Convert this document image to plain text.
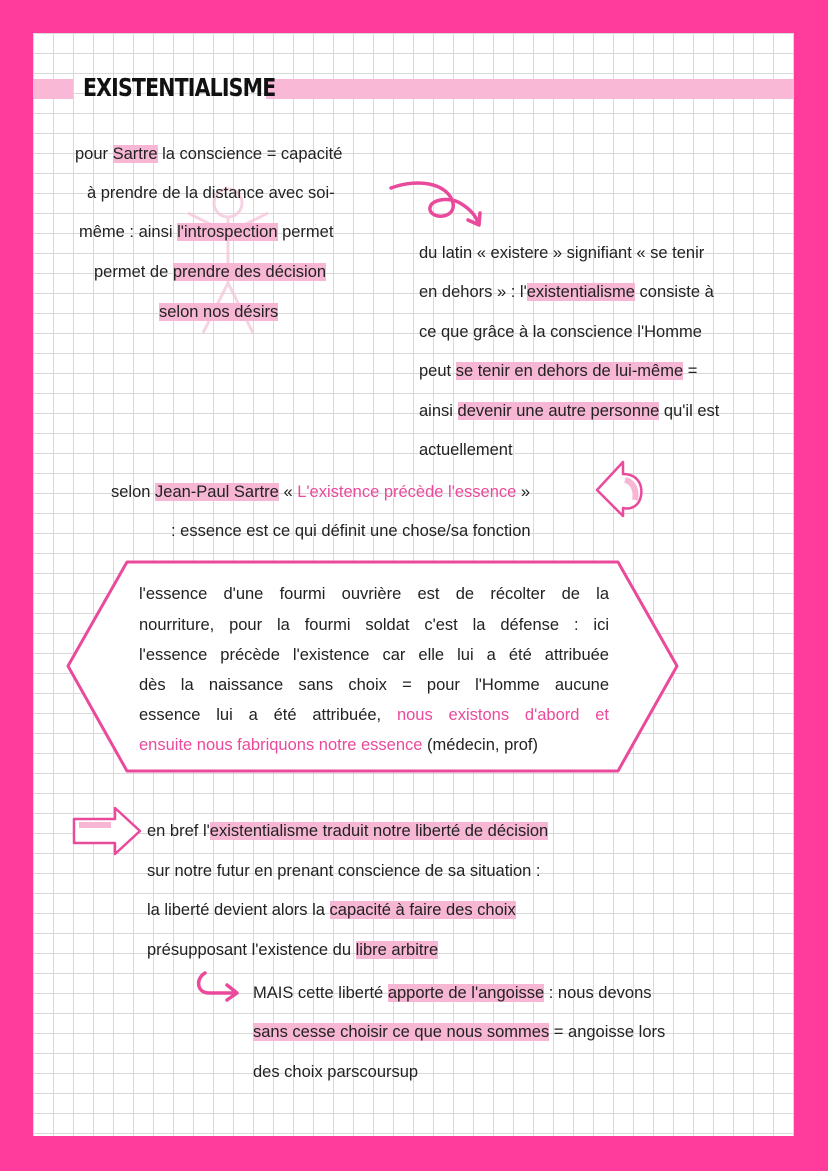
EXISTENTIALISME
pour Sartre la conscience = capacité
à prendre de la distance avec soi-
même : ainsi l'introspection permet
permet de prendre des décision
selon nos désirs
du latin « existere » signifiant « se tenir
en dehors » : l'existentialisme consiste à
ce que grâce à la conscience l'Homme
peut se tenir en dehors de lui-même =
ainsi devenir une autre personne qu'il est
actuellement
selon Jean-Paul Sartre « L'existence précède l'essence »
: essence est ce qui définit une chose/sa fonction
l'essence d'une fourmi ouvrière est de récolter de la
nourriture, pour la fourmi soldat c'est la défense : ici
l'essence précède l'existence car elle lui a été attribuée
dès la naissance sans choix = pour l'Homme aucune
essence lui a été attribuée, nous existons d'abord et
ensuite nous fabriquons notre essence (médecin, prof)
en bref l'existentialisme traduit notre liberté de décision
sur notre futur en prenant conscience de sa situation :
la liberté devient alors la capacité à faire des choix
présupposant l'existence du libre arbitre
MAIS cette liberté apporte de l'angoisse : nous devons
sans cesse choisir ce que nous sommes = angoisse lors
des choix parscoursup
